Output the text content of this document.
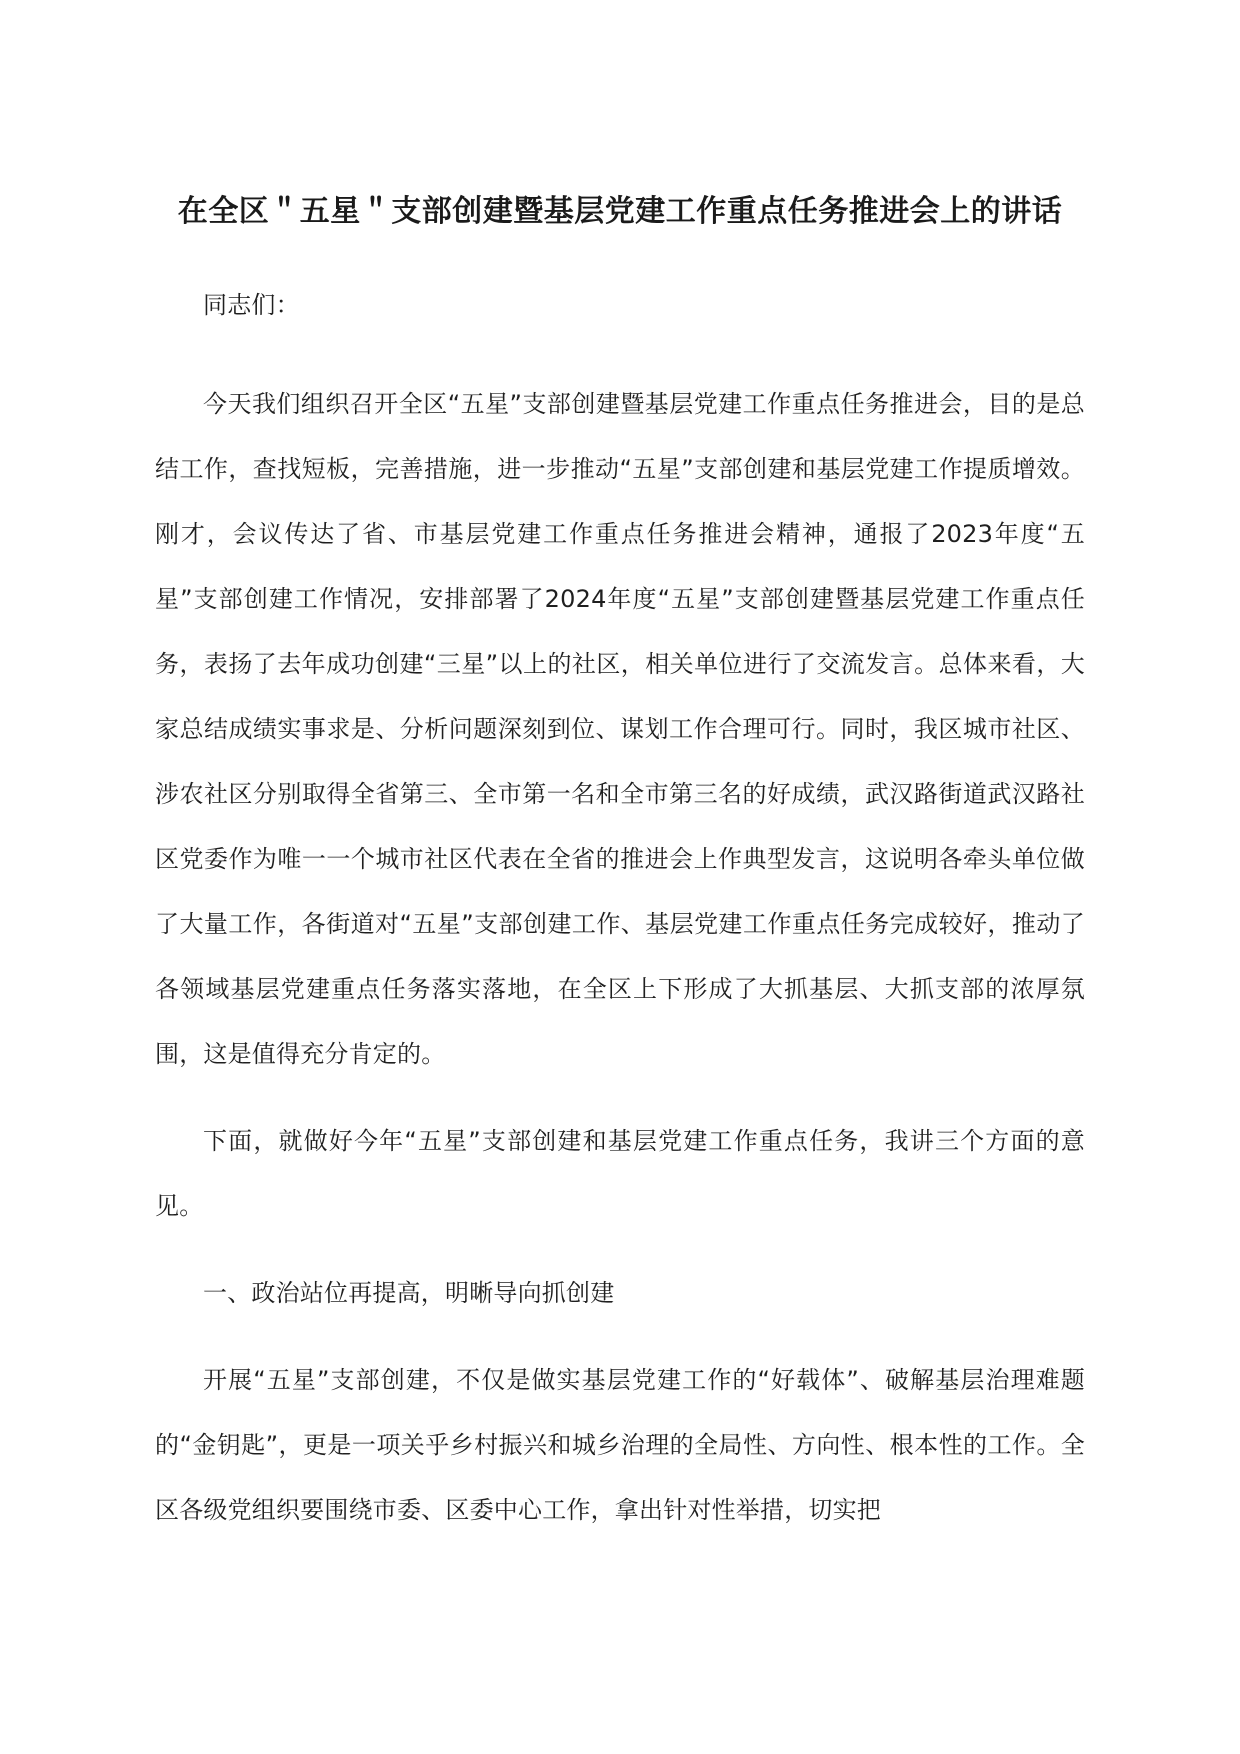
在全区＂五星＂支部创建暨基层党建工作重点任务推进会上的讲话

同志们：

今天我们组织召开全区“五星”支部创建暨基层党建工作重点任务推进会，目的是总结工作，查找短板，完善措施，进一步推动“五星”支部创建和基层党建工作提质增效。刚才，会议传达了省、市基层党建工作重点任务推进会精神，通报了2023年度“五星”支部创建工作情况，安排部署了2024年度“五星”支部创建暨基层党建工作重点任务，表扬了去年成功创建“三星”以上的社区，相关单位进行了交流发言。总体来看，大家总结成绩实事求是、分析问题深刻到位、谋划工作合理可行。同时，我区城市社区、涉农社区分别取得全省第三、全市第一名和全市第三名的好成绩，武汉路街道武汉路社区党委作为唯一一个城市社区代表在全省的推进会上作典型发言，这说明各牵头单位做了大量工作，各街道对“五星”支部创建工作、基层党建工作重点任务完成较好，推动了各领域基层党建重点任务落实落地，在全区上下形成了大抓基层、大抓支部的浓厚氛围，这是值得充分肯定的。

下面，就做好今年“五星”支部创建和基层党建工作重点任务，我讲三个方面的意见。

一、政治站位再提高，明晰导向抓创建

开展“五星”支部创建，不仅是做实基层党建工作的“好载体”、破解基层治理难题的“金钥匙”，更是一项关乎乡村振兴和城乡治理的全局性、方向性、根本性的工作。全区各级党组织要围绕市委、区委中心工作，拿出针对性举措，切实把
